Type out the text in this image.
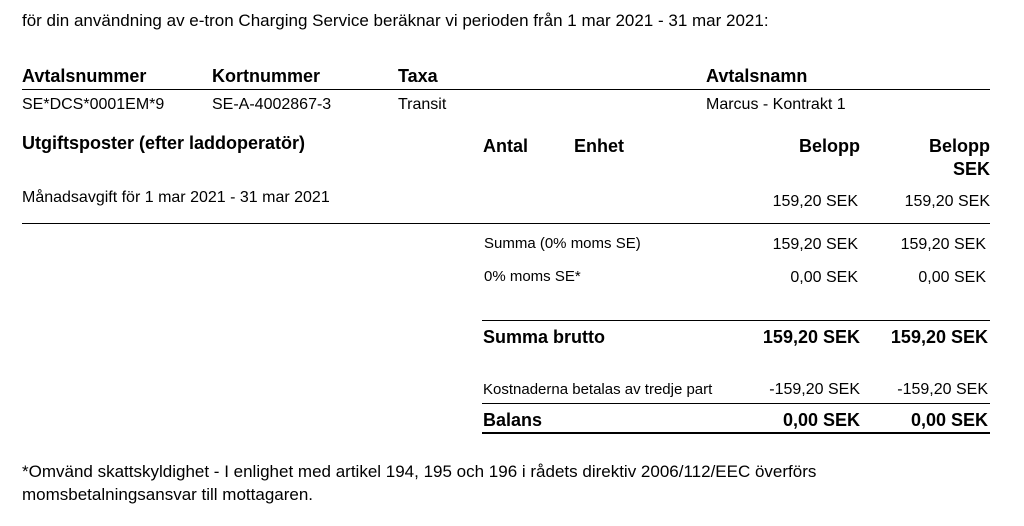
för din användning av e-tron Charging Service beräknar vi perioden från 1 mar 2021 - 31 mar 2021:
Avtalsnummer	Kortnummer	Taxa	Avtalsnamn
SE*DCS*0001EM*9	SE-A-4002867-3	Transit	Marcus - Kontrakt 1
Utgiftsposter (efter laddoperatör)	Antal	Enhet	Belopp	Belopp
SEK
Månadsavgift för 1 mar 2021 - 31 mar 2021	159,20 SEK	159,20 SEK
Summa (0% moms SE)	159,20 SEK	159,20 SEK
0% moms SE*	0,00 SEK	0,00 SEK
Summa brutto	159,20 SEK	159,20 SEK
Kostnaderna betalas av tredje part	-159,20 SEK	-159,20 SEK
Balans	0,00 SEK	0,00 SEK
*Omvänd skattskyldighet - I enlighet med artikel 194, 195 och 196 i rådets direktiv 2006/112/EEC överförs
momsbetalningsansvar till mottagaren.
